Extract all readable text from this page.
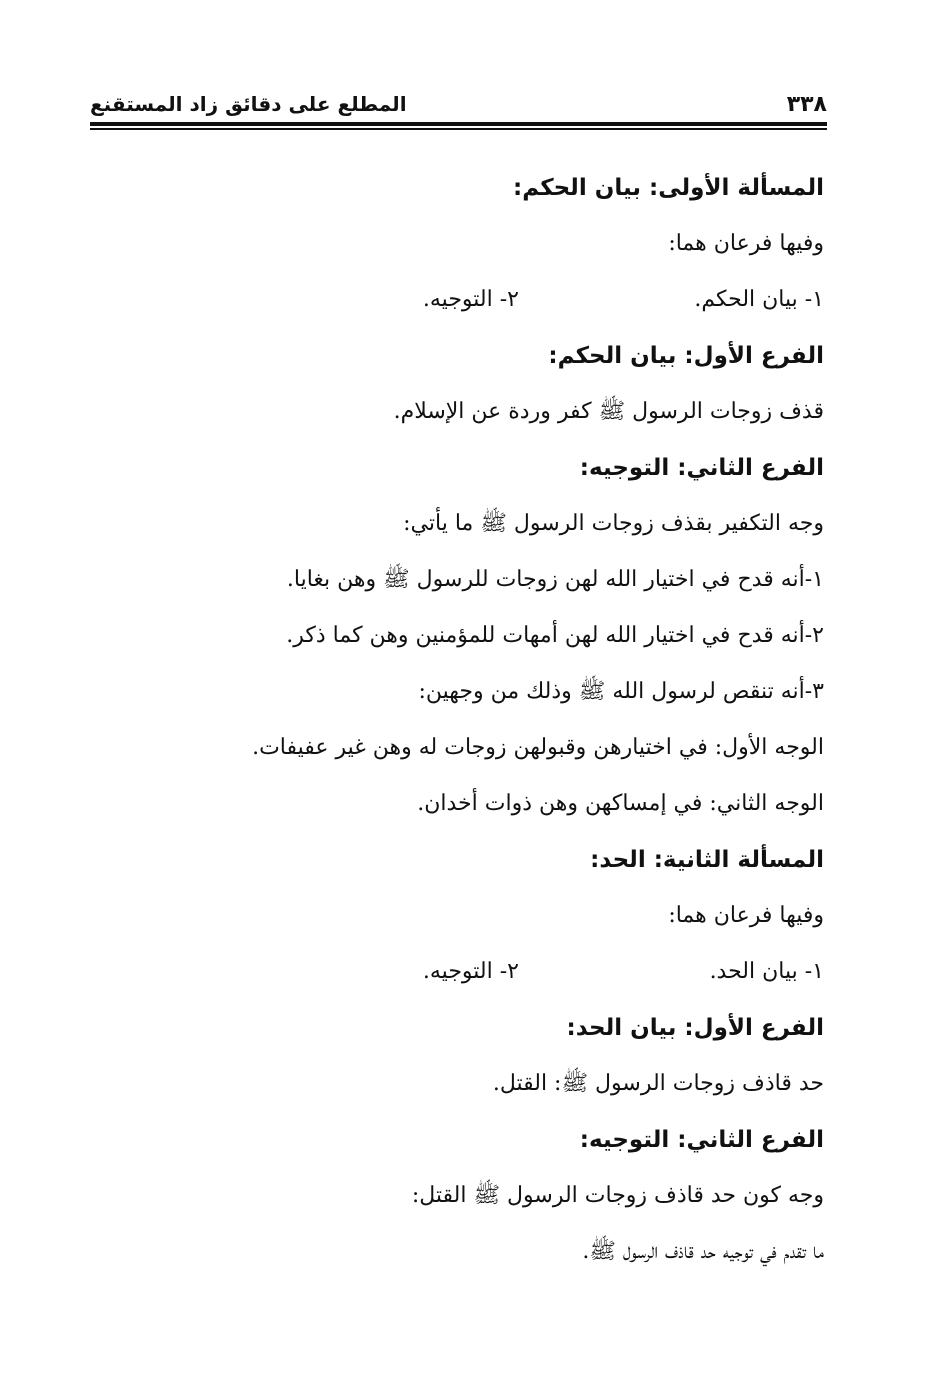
٣٣٨
المطلع على دقائق زاد المستقنع
المسألة الأولى: بيان الحكم:
وفيها فرعان هما:
١- بيان الحكم.
٢- التوجيه.
الفرع الأول: بيان الحكم:
قذف زوجات الرسول ﷺ كفر وردة عن الإسلام.
الفرع الثاني: التوجيه:
وجه التكفير بقذف زوجات الرسول ﷺ ما يأتي:
١-أنه قدح في اختيار الله لهن زوجات للرسول ﷺ وهن بغايا.
٢-أنه قدح في اختيار الله لهن أمهات للمؤمنين وهن كما ذكر.
٣-أنه تنقص لرسول الله ﷺ وذلك من وجهين:
الوجه الأول: في اختيارهن وقبولهن زوجات له وهن غير عفيفات.
الوجه الثاني: في إمساكهن وهن ذوات أخدان.
المسألة الثانية: الحد:
وفيها فرعان هما:
١- بيان الحد.
٢- التوجيه.
الفرع الأول: بيان الحد:
حد قاذف زوجات الرسول ﷺ: القتل.
الفرع الثاني: التوجيه:
وجه كون حد قاذف زوجات الرسول ﷺ القتل:
ما تقدم في توجيه حد قاذف الرسول ﷺ.
